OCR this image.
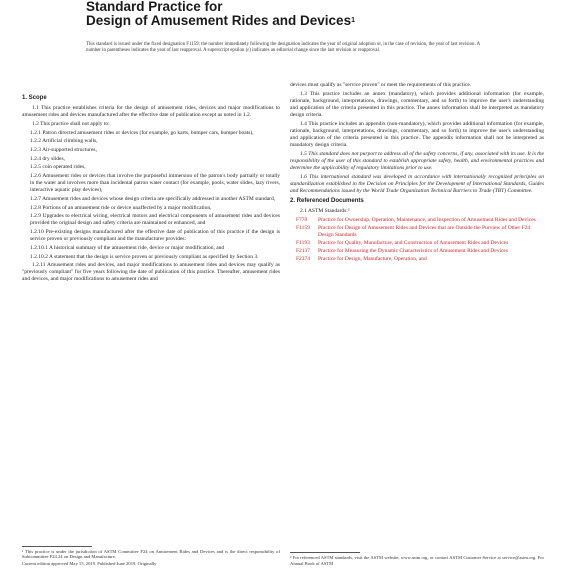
Standard Practice for
Design of Amusement Rides and Devices$^1$
This standard is issued under the fixed designation F1159; the number immediately following the designation indicates the year of original adoption or, in the case of revision, the year of last revision. A number in parentheses indicates the year of last reapproval. A superscript epsilon (ε) indicates an editorial change since the last revision or reapproval.

1. Scope

1.1 This practice establishes criteria for the design of amusement rides, devices and major modifications to amusement rides and devices manufactured after the effective date of publication except as noted in 1.2.

1.2 This practice shall not apply to:

1.2.1 Patron directed amusement rides or devices (for example, go karts, bumper cars, bumper boats),

1.2.2 Artificial climbing walls,

1.2.3 Air-supported structures,

1.2.4 dry slides,

1.2.5 coin operated rides,

1.2.6 Amusement rides or devices that involve the purposeful immersion of the patron's body partially or totally in the water and involves more than incidental patron water contact (for example, pools, water slides, lazy rivers, interactive aquatic play devices),

1.2.7 Amusement rides and devices whose design criteria are specifically addressed in another ASTM standard,

1.2.8 Portions of an amusement ride or device unaffected by a major modification,

1.2.9 Upgrades to electrical wiring, electrical motors and electrical components of amusement rides and devices provided the original design and safety criteria are maintained or enhanced, and

1.2.10 Pre-existing designs manufactured after the effective date of publication of this practice if the design is service proven or previously compliant and the manufacturer provides:

1.2.10.1 A historical summary of the amusement ride, device or major modification, and

1.2.10.2 A statement that the design is service proven or previously compliant as specified by Section 3.

1.2.11 Amusement rides and devices, and major modifications to amusement rides and devices may qualify as "previously compliant" for five years following the date of publication of this practice. Thereafter, amusement rides and devices, and major modifications to amusement rides and

devices must qualify as "service proven" or meet the requirements of this practice.

1.3 This practice includes an annex (mandatory), which provides additional information (for example, rationale, background, interpretations, drawings, commentary, and so forth) to improve the user's understanding and application of the criteria presented in this practice. The annex information shall be interpreted as mandatory design criteria.

1.4 This practice includes an appendix (non-mandatory), which provides additional information (for example, rationale, background, interpretations, drawings, commentary, and so forth) to improve the user's understanding and application of the criteria presented in this practice. The appendix information shall not be interpreted as mandatory design criteria.

1.5 This standard does not purport to address all of the safety concerns, if any, associated with its use. It is the responsibility of the user of this standard to establish appropriate safety, health, and environmental practices and determine the applicability of regulatory limitations prior to use.

1.6 This international standard was developed in accordance with internationally recognized principles on standardization established in the Decision on Principles for the Development of International Standards, Guides and Recommendations issued by the World Trade Organization Technical Barriers to Trade (TBT) Committee.

2. Referenced Documents

2.1 ASTM Standards:²

F770	Practice for Ownership, Operation, Maintenance, and Inspection of Amusement Rides and Devices
F1159	Practice for Design of Amusement Rides and Devices that are Outside the Purview of Other F24 Design Standards
F1193	Practice for Quality, Manufacture, and Construction of Amusement Rides and Devices
F2137	Practice for Measuring the Dynamic Characteristics of Amusement Rides and Devices
F2374	Practice for Design, Manufacture, Operation, and

¹ This practice is under the jurisdiction of ASTM Committee F24 on Amusement Rides and Devices and is the direct responsibility of Subcommittee F24.24 on Design and Manufacture.

Current edition approved May 15, 2019. Published June 2019. Originally

² For referenced ASTM standards, visit the ASTM website, www.astm.org, or contact ASTM Customer Service at service@astm.org. For Annual Book of ASTM
